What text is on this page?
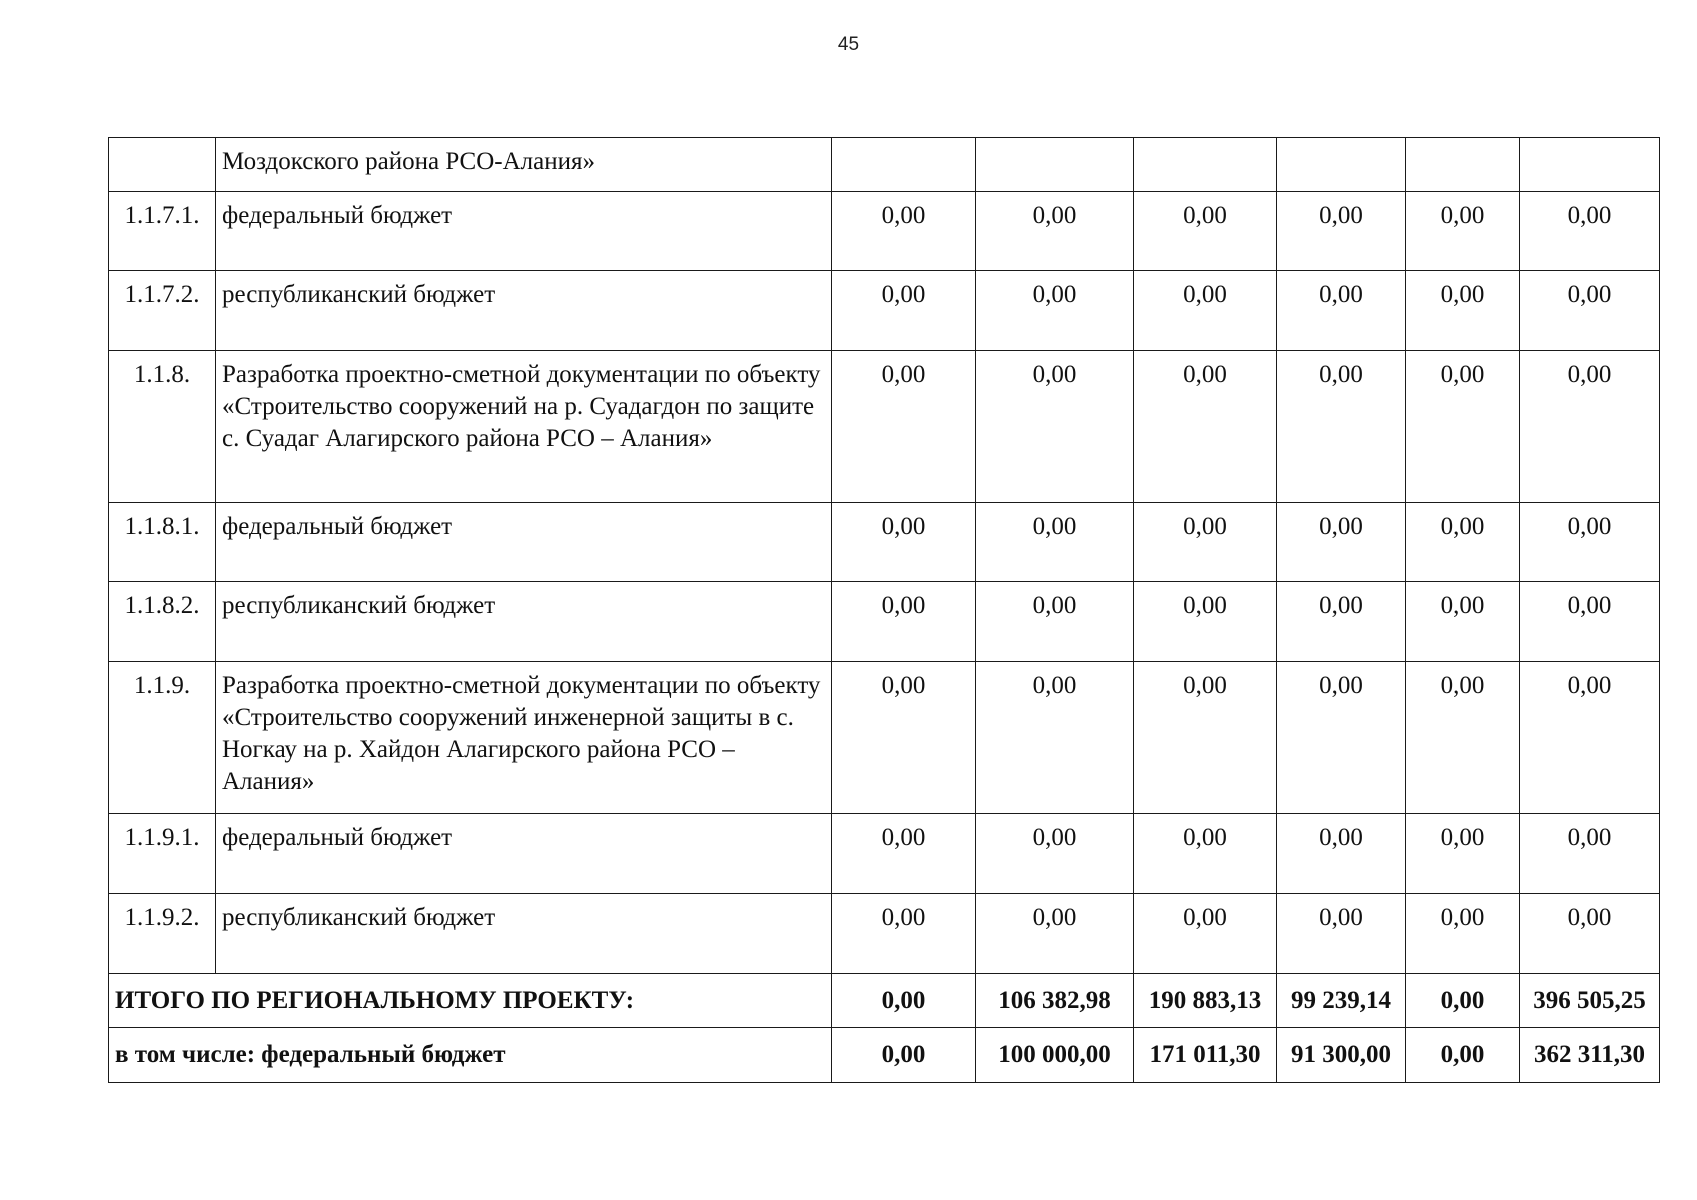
45
	Моздокского района РСО-Алания»						
1.1.7.1.	федеральный бюджет	0,00	0,00	0,00	0,00	0,00	0,00
1.1.7.2.	республиканский бюджет	0,00	0,00	0,00	0,00	0,00	0,00
1.1.8.	Разработка проектно-сметной документации по объекту «Строительство сооружений на р. Суадагдон по защите с. Суадаг Алагирского района РСО – Алания»	0,00	0,00	0,00	0,00	0,00	0,00
1.1.8.1.	федеральный бюджет	0,00	0,00	0,00	0,00	0,00	0,00
1.1.8.2.	республиканский бюджет	0,00	0,00	0,00	0,00	0,00	0,00
1.1.9.	Разработка проектно-сметной документации по объекту «Строительство сооружений инженерной защиты в с. Ногкау на р. Хайдон Алагирского района РСО – Алания»	0,00	0,00	0,00	0,00	0,00	0,00
1.1.9.1.	федеральный бюджет	0,00	0,00	0,00	0,00	0,00	0,00
1.1.9.2.	республиканский бюджет	0,00	0,00	0,00	0,00	0,00	0,00
ИТОГО ПО РЕГИОНАЛЬНОМУ ПРОЕКТУ:		0,00	106 382,98	190 883,13	99 239,14	0,00	396 505,25
в том числе: федеральный бюджет		0,00	100 000,00	171 011,30	91 300,00	0,00	362 311,30
